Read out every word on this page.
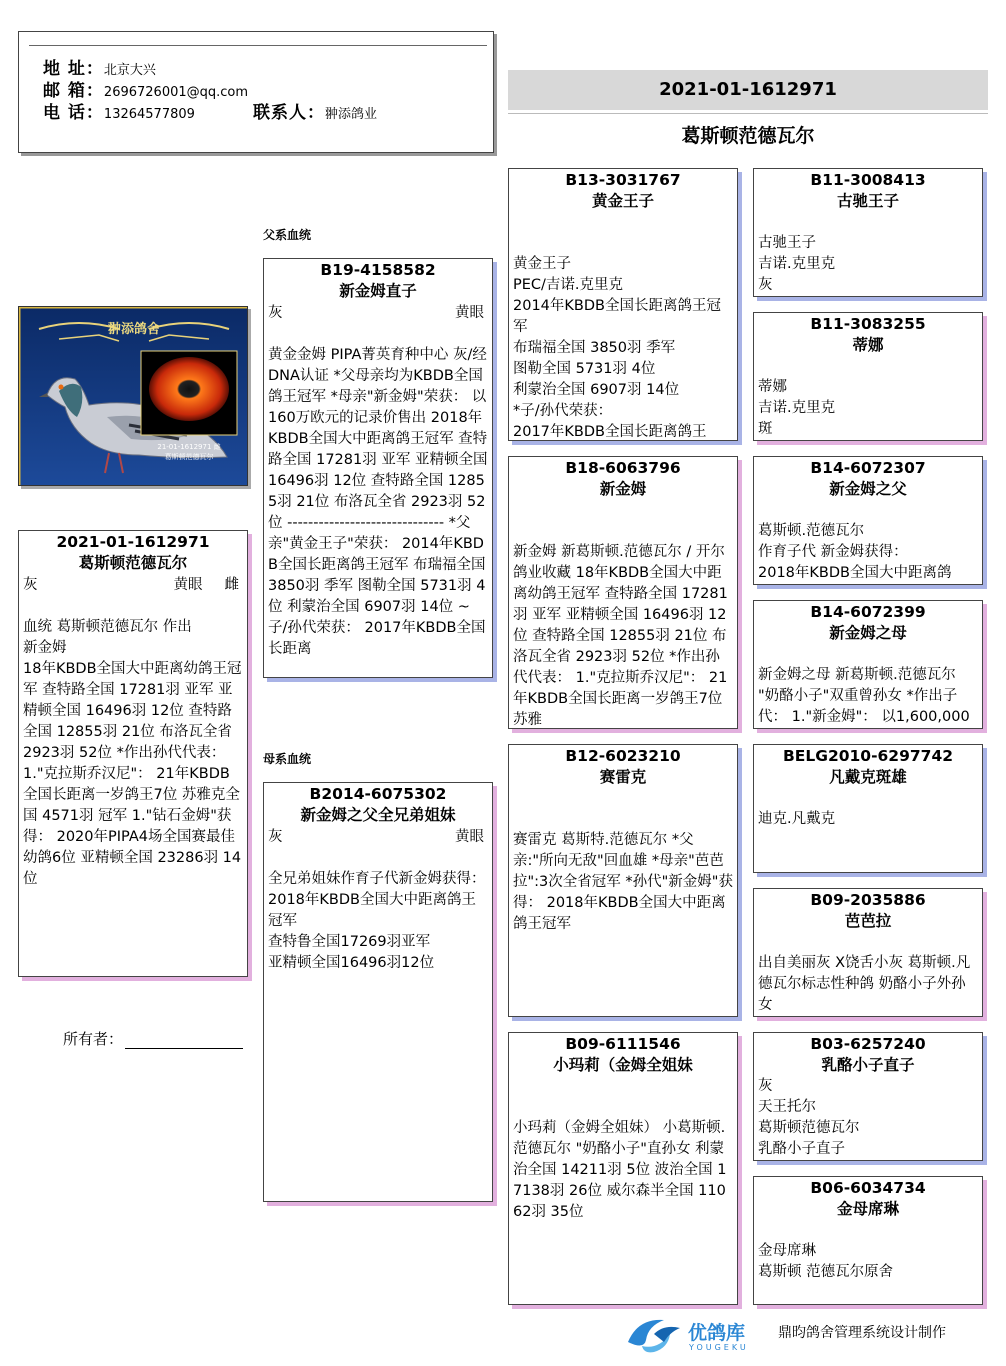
地 址：北京大兴
邮 箱：2696726001@qq.com
电 话：13264577809	联系人：翀添鸽业
2021-01-1612971
葛斯顿范德瓦尔
父系血统
母系血统
翀添鸽舍
21-01-1612971 雌
葛斯顿范德瓦尔
2021-01-1612971
葛斯顿范德瓦尔
灰	黄眼 雌
血统 葛斯顿范德瓦尔 作出
新金姆
18年KBDB全国大中距离幼鸽王冠军 查特路全国 17281羽 亚军 亚精顿全国 16496羽 12位 查特路全国 12855羽 21位 布洛瓦全省 2923羽 52位 *作出孙代代表： 1."克拉斯乔汉尼"： 21年KBDB全国长距离一岁鸽王7位 苏雅克全国 4571羽 冠军 1."钻石金姆"获得： 2020年PIPA4场全国赛最佳幼鸽6位 亚精顿全国 23286羽 14位
所有者：
B19-4158582
新金姆直子
灰	黄眼
黄金金姆 PIPA菁英育种中心 灰/经DNA认证 *父母亲均为KBDB全国鸽王冠军 *母亲"新金姆"荣获： 以160万欧元的记录价售出 2018年KBDB全国大中距离鸽王冠军 查特路全国 17281羽 亚军 亚精顿全国 16496羽 12位 查特路全国 12855羽 21位 布洛瓦全省 2923羽 52位 ------------------------------ *父亲"黄金王子"荣获： 2014年KBDB全国长距离鸽王冠军 布瑞福全国 3850羽 季军 图勒全国 5731羽 4位 利蒙治全国 6907羽 14位 ~子/孙代荣获： 2017年KBDB全国长距离
B2014-6075302
新金姆之父全兄弟姐妹
灰	黄眼
全兄弟姐妹作育子代新金姆获得：
2018年KBDB全国大中距离鸽王冠军
查特鲁全国17269羽亚军
亚精顿全国16496羽12位
B13-3031767
黄金王子
黄金王子
PEC/吉诺.克里克
2014年KBDB全国长距离鸽王冠军
布瑞福全国 3850羽 季军
图勒全国 5731羽 4位
利蒙治全国 6907羽 14位
*子/孙代荣获：
2017年KBDB全国长距离鸽王
B18-6063796
新金姆
新金姆 新葛斯顿.范德瓦尔 / 开尔鸽业收藏 18年KBDB全国大中距离幼鸽王冠军 查特路全国 17281羽 亚军 亚精顿全国 16496羽 12位 查特路全国 12855羽 21位 布洛瓦全省 2923羽 52位 *作出孙代代表： 1."克拉斯乔汉尼"： 21年KBDB全国长距离一岁鸽王7位 苏雅
B12-6023210
赛雷克
赛雷克 葛斯特.范德瓦尔 *父亲:"所向无敌"回血雄 *母亲"芭芭拉":3次全省冠军 *孙代"新金姆"获得： 2018年KBDB全国大中距离鸽王冠军
B09-6111546
小玛莉（金姆全姐妹
小玛莉（金姆全姐妹） 小葛斯顿.范德瓦尔 "奶酪小子"直孙女 利蒙治全国 14211羽 5位 波治全国 17138羽 26位 威尔森半全国 11062羽 35位
B11-3008413
古驰王子
古驰王子
吉诺.克里克
灰
B11-3083255
蒂娜
蒂娜
吉诺.克里克
斑
B14-6072307
新金姆之父
葛斯顿.范德瓦尔
作育子代 新金姆获得：
2018年KBDB全国大中距离鸽
B14-6072399
新金姆之母
新金姆之母 新葛斯顿.范德瓦尔 "奶酪小子"双重曾孙女 *作出子代： 1."新金姆"： 以1,600,000
BELG2010-6297742
凡戴克斑雄
迪克.凡戴克
B09-2035886
芭芭拉
出自美丽灰 X饶舌小灰 葛斯顿.凡德瓦尔标志性种鸽 奶酪小子外孙女
B03-6257240
乳酪小子直子
灰
天王托尔
葛斯顿范德瓦尔
乳酪小子直子
B06-6034734
金母席琳
金母席琳
葛斯顿 范德瓦尔原舍
优鸽库
YOUGEKU
鼎昀鸽舍管理系统设计制作
